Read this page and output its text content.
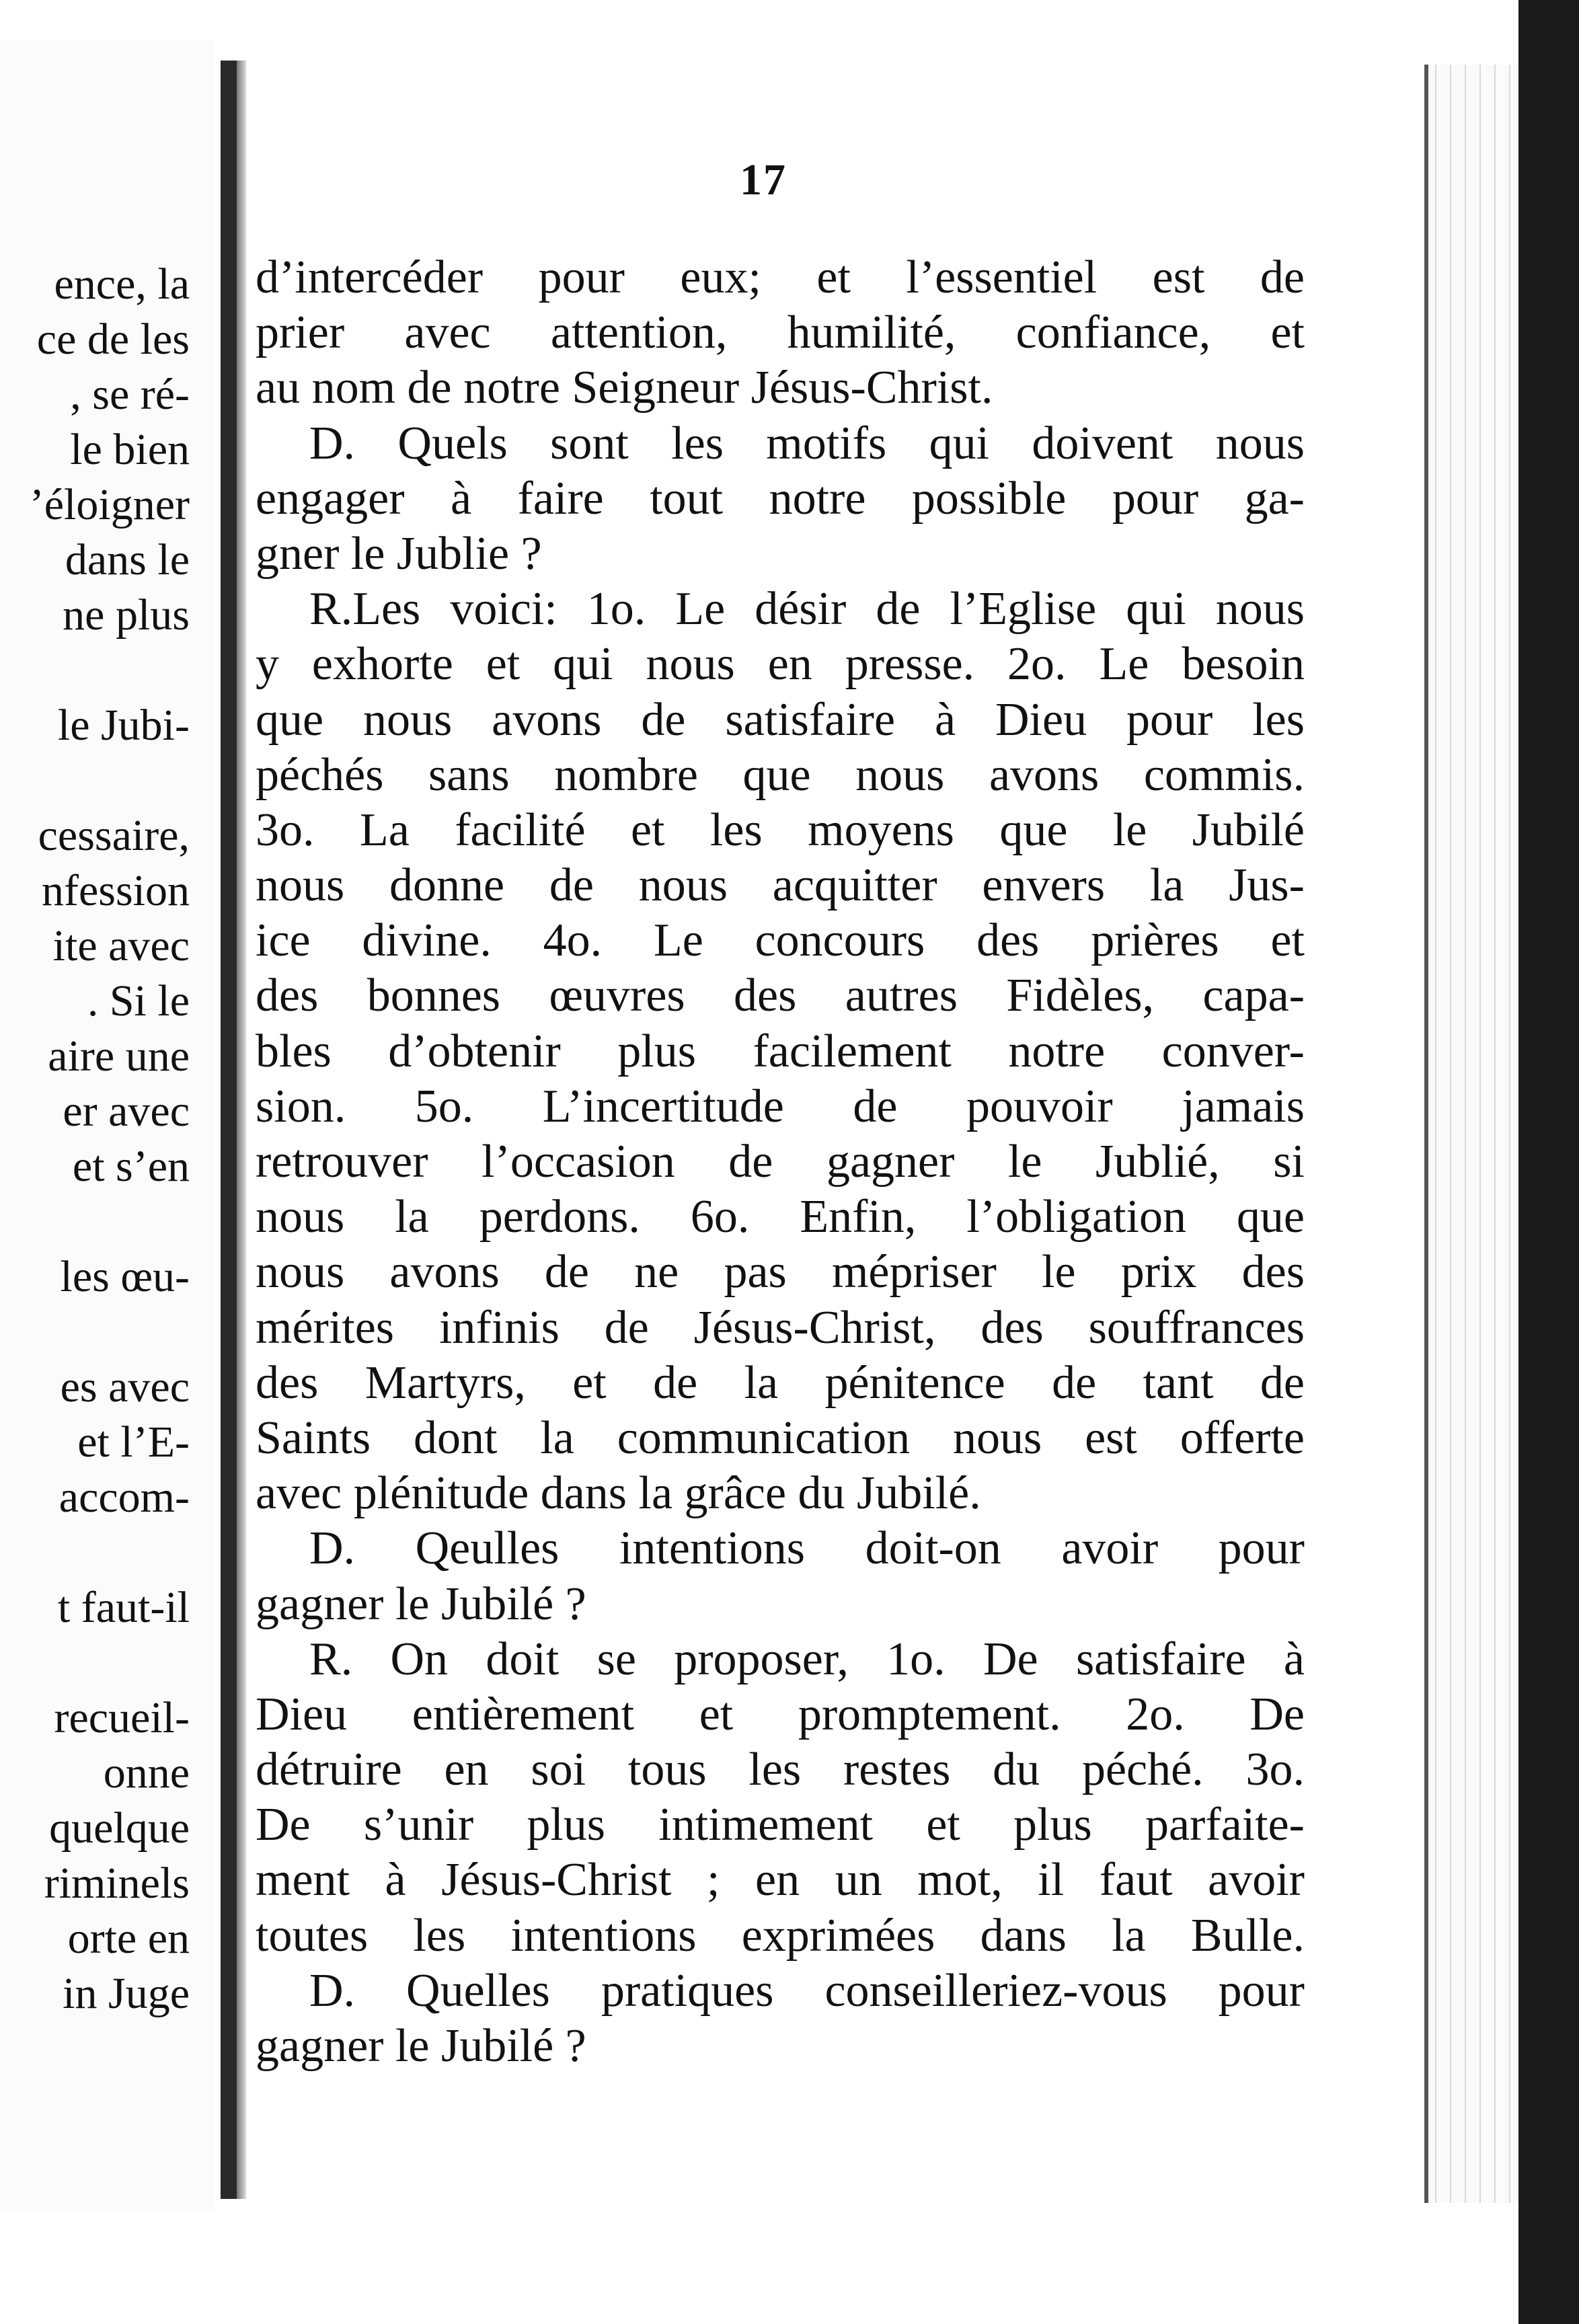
ence, la
ce de les
, se ré-
le bien
’éloigner
dans le
ne plus
le Jubi-
cessaire,
nfession
ite avec
. Si le
aire une
er avec
et s’en
les œu-
es avec
et l’E-
accom-
t faut-il
recueil-
onne
quelque
riminels
orte en
in Juge
17
d’intercéder pour eux; et l’essentiel est de
prier avec attention, humilité, confiance, et
au nom de notre Seigneur Jésus-Christ.
D. Quels sont les motifs qui doivent nous
engager à faire tout notre possible pour ga-
gner le Jublie ?
R.Les voici: 1o. Le désir de l’Eglise qui nous
y exhorte et qui nous en presse. 2o. Le besoin
que nous avons de satisfaire à Dieu pour les
péchés sans nombre que nous avons commis.
3o. La facilité et les moyens que le Jubilé
nous donne de nous acquitter envers la Jus-
ice divine. 4o. Le concours des prières et
des bonnes œuvres des autres Fidèles, capa-
bles d’obtenir plus facilement notre conver-
sion. 5o. L’incertitude de pouvoir jamais
retrouver l’occasion de gagner le Jublié, si
nous la perdons. 6o. Enfin, l’obligation que
nous avons de ne pas mépriser le prix des
mérites infinis de Jésus-Christ, des souffrances
des Martyrs, et de la pénitence de tant de
Saints dont la communication nous est offerte
avec plénitude dans la grâce du Jubilé.
D. Qeulles intentions doit-on avoir pour
gagner le Jubilé ?
R. On doit se proposer, 1o. De satisfaire à
Dieu entièrement et promptement. 2o. De
détruire en soi tous les restes du péché. 3o.
De s’unir plus intimement et plus parfaite-
ment à Jésus-Christ ; en un mot, il faut avoir
toutes les intentions exprimées dans la Bulle.
D. Quelles pratiques conseilleriez-vous pour
gagner le Jubilé ?
